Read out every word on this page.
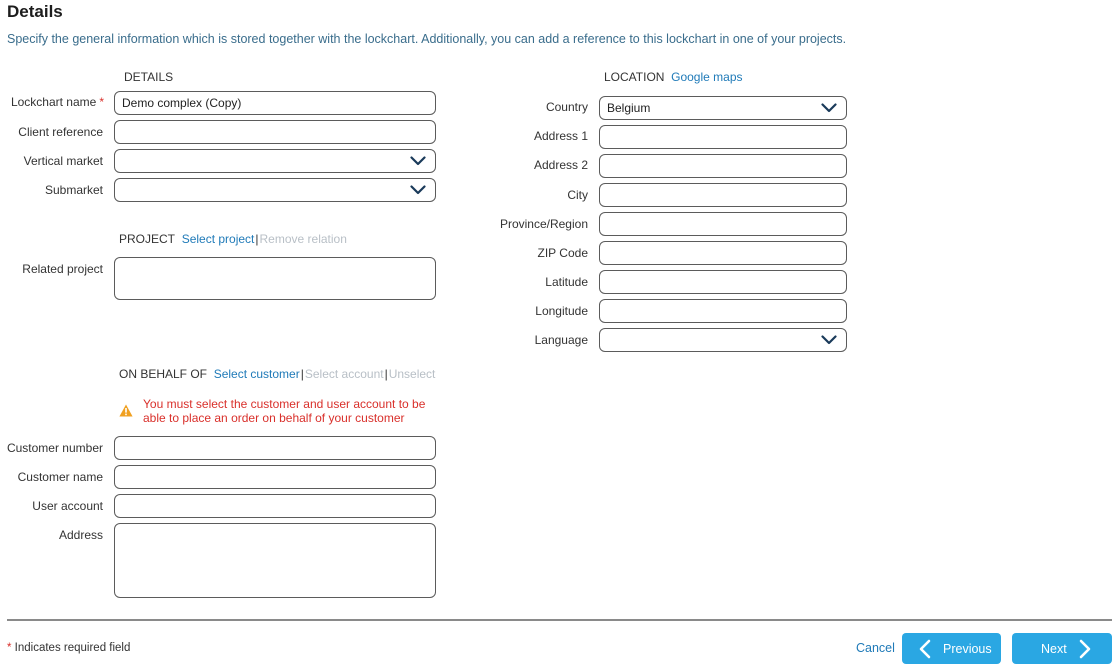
Details
Specify the general information which is stored together with the lockchart. Additionally, you can add a reference to this lockchart in one of your projects.
DETAILS
Lockchart name *
Demo complex (Copy)
Client reference
Vertical market
Submarket
PROJECT Select project|Remove relation
Related project
ON BEHALF OF Select customer|Select account|Unselect
You must select the customer and user account to be
able to place an order on behalf of your customer
Customer number
Customer name
User account
Address
LOCATION Google maps
Country Belgium
Address 1
Address 2
City
Province/Region
ZIP Code
Latitude
Longitude
Language
* Indicates required field	Cancel	Previous	Next
